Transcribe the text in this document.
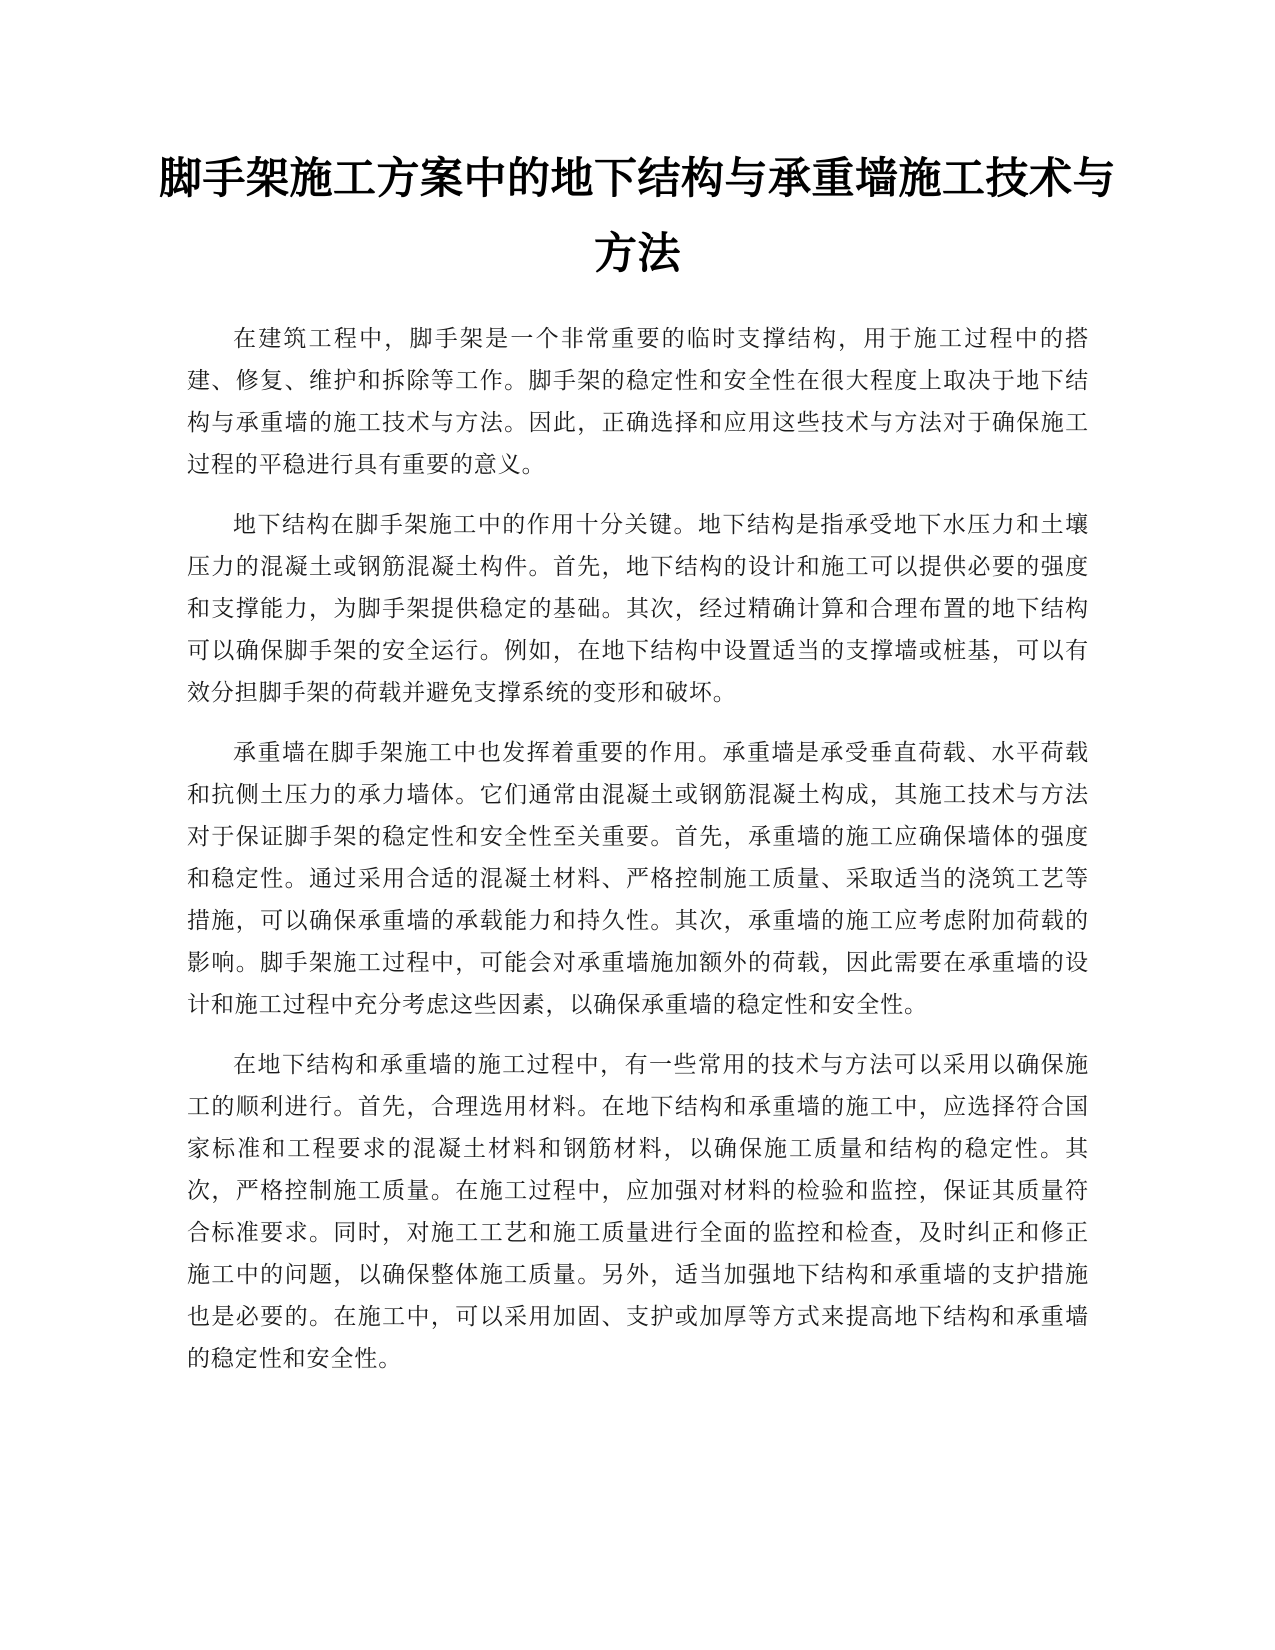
脚手架施工方案中的地下结构与承重墙施工技术与方法

在建筑工程中，脚手架是一个非常重要的临时支撑结构，用于施工过程中的搭建、修复、维护和拆除等工作。脚手架的稳定性和安全性在很大程度上取决于地下结构与承重墙的施工技术与方法。因此，正确选择和应用这些技术与方法对于确保施工过程的平稳进行具有重要的意义。

地下结构在脚手架施工中的作用十分关键。地下结构是指承受地下水压力和土壤压力的混凝土或钢筋混凝土构件。首先，地下结构的设计和施工可以提供必要的强度和支撑能力，为脚手架提供稳定的基础。其次，经过精确计算和合理布置的地下结构可以确保脚手架的安全运行。例如，在地下结构中设置适当的支撑墙或桩基，可以有效分担脚手架的荷载并避免支撑系统的变形和破坏。

承重墙在脚手架施工中也发挥着重要的作用。承重墙是承受垂直荷载、水平荷载和抗侧土压力的承力墙体。它们通常由混凝土或钢筋混凝土构成，其施工技术与方法对于保证脚手架的稳定性和安全性至关重要。首先，承重墙的施工应确保墙体的强度和稳定性。通过采用合适的混凝土材料、严格控制施工质量、采取适当的浇筑工艺等措施，可以确保承重墙的承载能力和持久性。其次，承重墙的施工应考虑附加荷载的影响。脚手架施工过程中，可能会对承重墙施加额外的荷载，因此需要在承重墙的设计和施工过程中充分考虑这些因素，以确保承重墙的稳定性和安全性。

在地下结构和承重墙的施工过程中，有一些常用的技术与方法可以采用以确保施工的顺利进行。首先，合理选用材料。在地下结构和承重墙的施工中，应选择符合国家标准和工程要求的混凝土材料和钢筋材料，以确保施工质量和结构的稳定性。其次，严格控制施工质量。在施工过程中，应加强对材料的检验和监控，保证其质量符合标准要求。同时，对施工工艺和施工质量进行全面的监控和检查，及时纠正和修正施工中的问题，以确保整体施工质量。另外，适当加强地下结构和承重墙的支护措施也是必要的。在施工中，可以采用加固、支护或加厚等方式来提高地下结构和承重墙的稳定性和安全性。
